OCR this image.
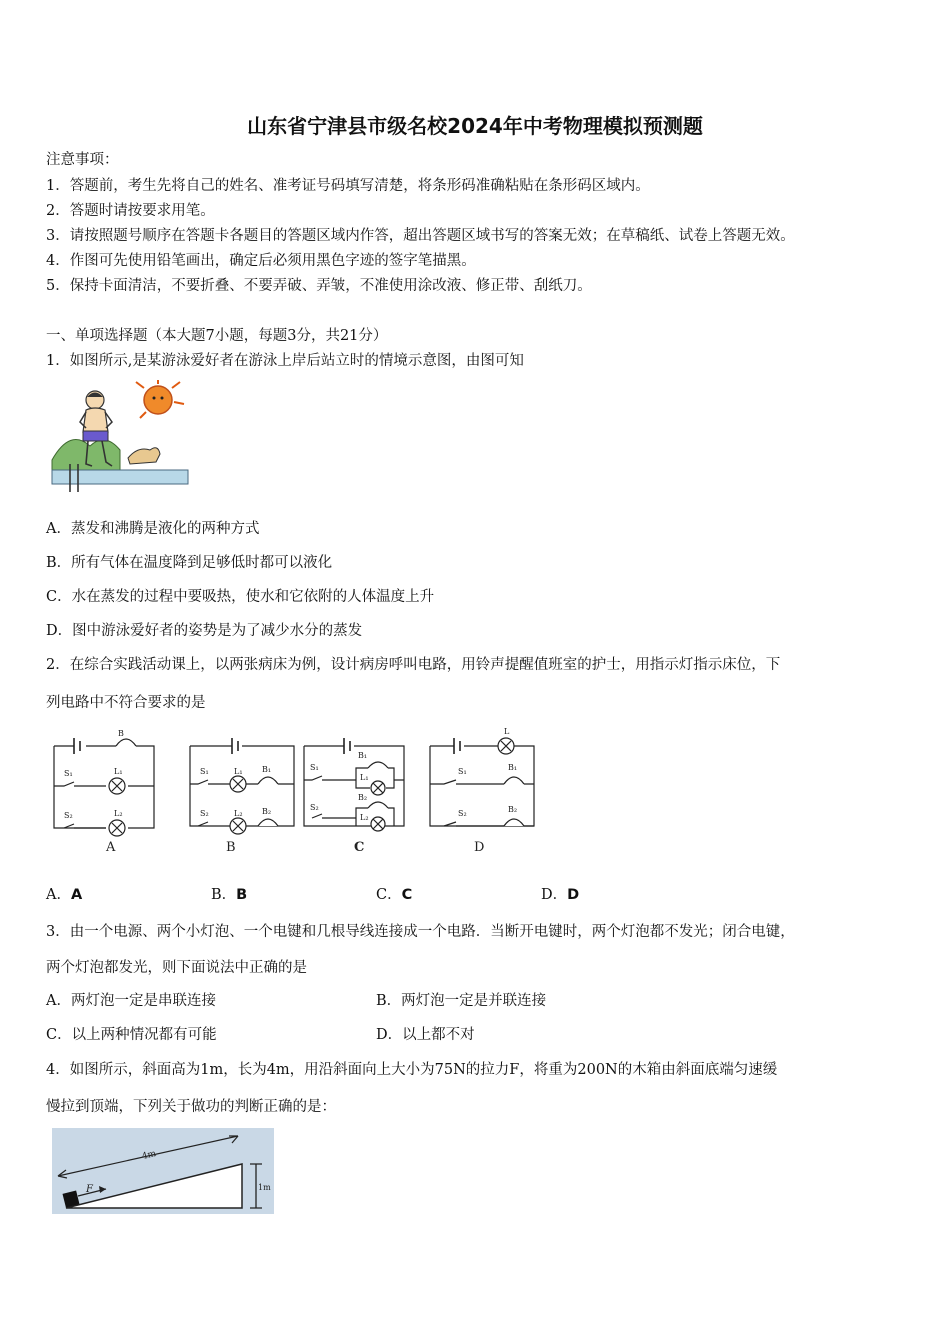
山东省宁津县市级名校2024年中考物理模拟预测题
注意事项：
1．答题前，考生先将自己的姓名、准考证号码填写清楚，将条形码准确粘贴在条形码区域内。
2．答题时请按要求用笔。
3．请按照题号顺序在答题卡各题目的答题区域内作答，超出答题区域书写的答案无效；在草稿纸、试卷上答题无效。
4．作图可先使用铅笔画出，确定后必须用黑色字迹的签字笔描黑。
5．保持卡面清洁，不要折叠、不要弄破、弄皱，不准使用涂改液、修正带、刮纸刀。
一、单项选择题（本大题7小题，每题3分，共21分）
1．如图所示,是某游泳爱好者在游泳上岸后站立时的情境示意图，由图可知
A．蒸发和沸腾是液化的两种方式
B．所有气体在温度降到足够低时都可以液化
C．水在蒸发的过程中要吸热，使水和它依附的人体温度上升
D．图中游泳爱好者的姿势是为了减少水分的蒸发
2．在综合实践活动课上，以两张病床为例，设计病房呼叫电路，用铃声提醒值班室的护士，用指示灯指示床位，下
列电路中不符合要求的是
B
S₁	L₁
S₂	L₂
A
S₁	L₁ B₁
S₂	L₂ B₂
B
S₁
B₁
L₁
S₂
B₂
L₂
C
L
S₁	B₁
S₂	B₂
D
A．A	B．B	C．C	D．D
3．由一个电源、两个小灯泡、一个电键和几根导线连接成一个电路．当断开电键时，两个灯泡都不发光；闭合电键，
两个灯泡都发光，则下面说法中正确的是
A．两灯泡一定是串联连接	B．两灯泡一定是并联连接
C．以上两种情况都有可能	D．以上都不对
4．如图所示，斜面高为1m，长为4m，用沿斜面向上大小为75N的拉力F，将重为200N的木箱由斜面底端匀速缓
慢拉到顶端，下列关于做功的判断正确的是：
4m
F	1m
